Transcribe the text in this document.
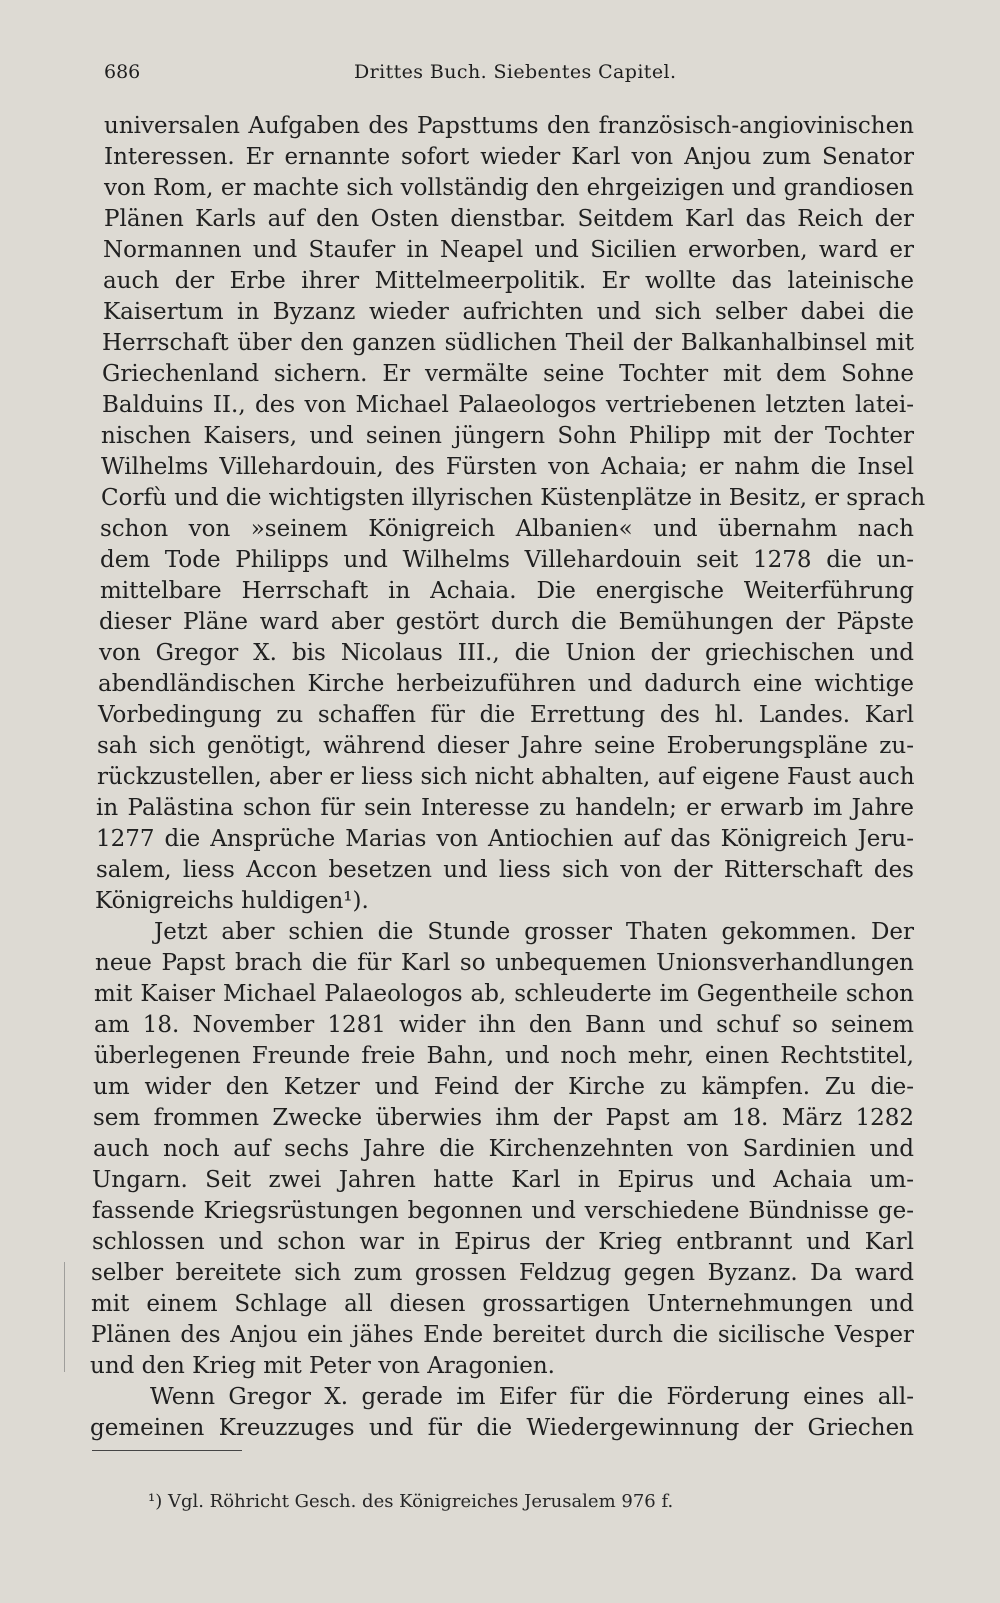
686	Drittes Buch. Siebentes Capitel.
universalen Aufgaben des Papsttums den französisch-angiovinischen
Interessen. Er ernannte sofort wieder Karl von Anjou zum Senator
von Rom, er machte sich vollständig den ehrgeizigen und grandiosen
Plänen Karls auf den Osten dienstbar. Seitdem Karl das Reich der
Normannen und Staufer in Neapel und Sicilien erworben, ward er
auch der Erbe ihrer Mittelmeerpolitik. Er wollte das lateinische
Kaisertum in Byzanz wieder aufrichten und sich selber dabei die
Herrschaft über den ganzen südlichen Theil der Balkanhalbinsel mit
Griechenland sichern. Er vermälte seine Tochter mit dem Sohne
Balduins II., des von Michael Palaeologos vertriebenen letzten latei-
nischen Kaisers, und seinen jüngern Sohn Philipp mit der Tochter
Wilhelms Villehardouin, des Fürsten von Achaia; er nahm die Insel
Corfù und die wichtigsten illyrischen Küstenplätze in Besitz, er sprach
schon von »seinem Königreich Albanien« und übernahm nach
dem Tode Philipps und Wilhelms Villehardouin seit 1278 die un-
mittelbare Herrschaft in Achaia. Die energische Weiterführung
dieser Pläne ward aber gestört durch die Bemühungen der Päpste
von Gregor X. bis Nicolaus III., die Union der griechischen und
abendländischen Kirche herbeizuführen und dadurch eine wichtige
Vorbedingung zu schaffen für die Errettung des hl. Landes. Karl
sah sich genötigt, während dieser Jahre seine Eroberungspläne zu-
rückzustellen, aber er liess sich nicht abhalten, auf eigene Faust auch
in Palästina schon für sein Interesse zu handeln; er erwarb im Jahre
1277 die Ansprüche Marias von Antiochien auf das Königreich Jeru-
salem, liess Accon besetzen und liess sich von der Ritterschaft des
Königreichs huldigen¹).
Jetzt aber schien die Stunde grosser Thaten gekommen. Der
neue Papst brach die für Karl so unbequemen Unionsverhandlungen
mit Kaiser Michael Palaeologos ab, schleuderte im Gegentheile schon
am 18. November 1281 wider ihn den Bann und schuf so seinem
überlegenen Freunde freie Bahn, und noch mehr, einen Rechtstitel,
um wider den Ketzer und Feind der Kirche zu kämpfen. Zu die-
sem frommen Zwecke überwies ihm der Papst am 18. März 1282
auch noch auf sechs Jahre die Kirchenzehnten von Sardinien und
Ungarn. Seit zwei Jahren hatte Karl in Epirus und Achaia um-
fassende Kriegsrüstungen begonnen und verschiedene Bündnisse ge-
schlossen und schon war in Epirus der Krieg entbrannt und Karl
selber bereitete sich zum grossen Feldzug gegen Byzanz. Da ward
mit einem Schlage all diesen grossartigen Unternehmungen und
Plänen des Anjou ein jähes Ende bereitet durch die sicilische Vesper
und den Krieg mit Peter von Aragonien.
Wenn Gregor X. gerade im Eifer für die Förderung eines all-
gemeinen Kreuzzuges und für die Wiedergewinnung der Griechen
¹) Vgl. Röhricht Gesch. des Königreiches Jerusalem 976 f.
